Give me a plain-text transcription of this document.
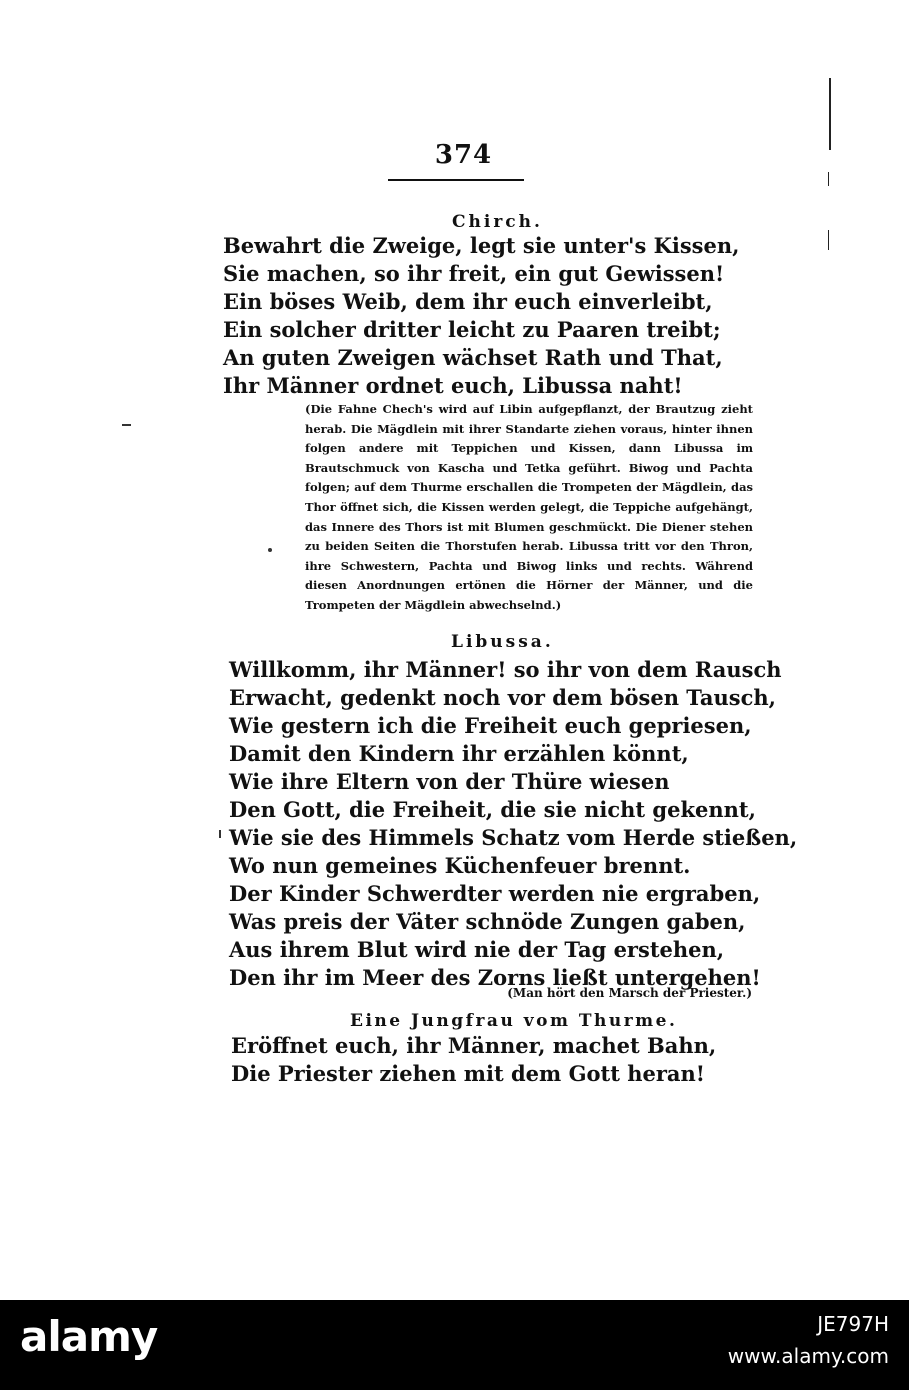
374
Chirch.
Bewahrt die Zweige, legt sie unter's Kissen,
Sie machen, so ihr freit, ein gut Gewissen!
Ein böses Weib, dem ihr euch einverleibt,
Ein solcher dritter leicht zu Paaren treibt;
An guten Zweigen wächset Rath und That,
Ihr Männer ordnet euch, Libussa naht!

(Die Fahne Chech's wird auf Libin aufgepflanzt, der Brautzug zieht herab. Die Mägdlein mit ihrer Standarte ziehen voraus, hinter ihnen folgen andere mit Teppichen und Kissen, dann Libussa im Brautschmuck von Kascha und Tetka geführt. Biwog und Pachta folgen; auf dem Thurme erschallen die Trompeten der Mägdlein, das Thor öffnet sich, die Kissen werden gelegt, die Teppiche aufgehängt, das Innere des Thors ist mit Blumen geschmückt. Die Diener stehen zu beiden Seiten die Thorstufen herab. Libussa tritt vor den Thron, ihre Schwestern, Pachta und Biwog links und rechts. Während diesen Anordnungen ertönen die Hörner der Männer, und die Trompeten der Mägdlein abwechselnd.)

Libussa.
Willkomm, ihr Männer! so ihr von dem Rausch
Erwacht, gedenkt noch vor dem bösen Tausch,
Wie gestern ich die Freiheit euch gepriesen,
Damit den Kindern ihr erzählen könnt,
Wie ihre Eltern von der Thüre wiesen
Den Gott, die Freiheit, die sie nicht gekennt,
Wie sie des Himmels Schatz vom Herde stießen,
Wo nun gemeines Küchenfeuer brennt.
Der Kinder Schwerdter werden nie ergraben,
Was preis der Väter schnöde Zungen gaben,
Aus ihrem Blut wird nie der Tag erstehen,
Den ihr im Meer des Zorns ließt untergehen!
(Man hört den Marsch der Priester.)
Eine Jungfrau vom Thurme.
Eröffnet euch, ihr Männer, machet Bahn,
Die Priester ziehen mit dem Gott heran!
alamy	JE797H
www.alamy.com
